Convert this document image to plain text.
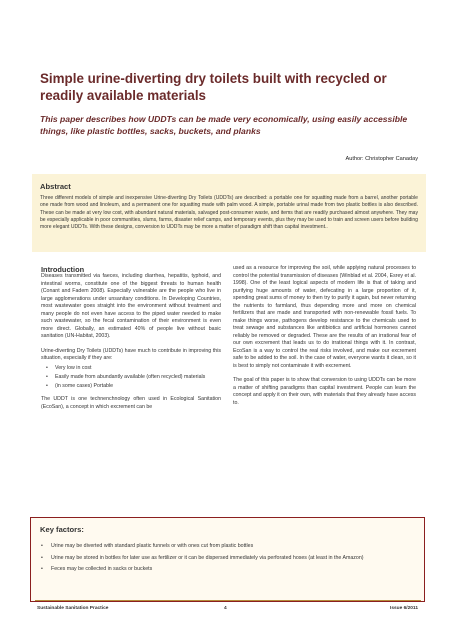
Simple urine-diverting dry toilets built with recycled or readily available materials
This paper describes how UDDTs can be made very economically, using easily accessible things, like plastic bottles, sacks, buckets, and planks
Author: Christopher Canaday
Abstract
Three different models of simple and inexpensive Urine-diverting Dry Toilets (UDDTs) are described: a portable one for squatting made from a barrel, another portable one made from wood and linoleum, and a permanent one for squatting made with palm wood. A simple, portable urinal made from two plastic bottles is also described. These can be made at very low cost, with abundant natural materials, salvaged post-consumer waste, and items that are readily purchased almost anywhere. They may be especially applicable in poor communities, slums, farms, disaster relief camps, and temporary events, plus they may be used to train and screen users before building more elegant UDDTs. With these designs, conversion to UDDTs may be more a matter of paradigm shift than capital investment..
Introduction

Diseases transmitted via faeces, including diarrhea, hepatitis, typhoid, and intestinal worms, constitute one of the biggest threats to human health (Conant and Fadem 2008). Especially vulnerable are the people who live in large agglomerations under unsanitary conditions. In Developing Countries, most wastewater goes straight into the environment without treatment and many people do not even have access to the piped water needed to make such wastewater, so the fecal contamination of their environment is even more direct. Globally, an estimated 40% of people live without basic sanitation (UN-Habitat, 2003).

Urine-diverting Dry Toilets (UDDTs) have much to contribute in improving this situation, especially if they are:

• Very low in cost
• Easily made from abundantly available (often recycled) materials
• (in some cases) Portable

The UDDT is one technenchnology often used in Ecological Sanitation (EcoSan), a concept in which excrement can be

used as a resource for improving the soil, while applying natural processes to control the potential transmission of diseases (Winblad et al. 2004, Esrey et al. 1998). One of the least logical aspects of modern life is that of taking and purifying huge amounts of water, defecating in a large proportion of it, spending great sums of money to then try to purify it again, but never returning the nutrients to farmland, thus depending more and more on chemical fertilizers that are made and transported with non-renewable fossil fuels. To make things worse, pathogens develop resistance to the chemicals used to treat sewage and substances like antibiotics and artificial hormones cannot reliably be removed or degraded. These are the results of an irrational fear of our own excrement that leads us to do irrational things with it. In contrast, EcoSan is a way to control the real risks involved, and make our excrement safe to be added to the soil. In the case of water, everyone wants it clean, so it is best to simply not contaminate it with excrement.

The goal of this paper is to show that conversion to using UDDTs can be more a matter of shifting paradigms than capital investment. People can learn the concept and apply it on their own, with materials that they already have access to.

Key factors:
• Urine may be diverted with standard plastic funnels or with ones cut from plastic bottles
• Urine may be stored in bottles for later use as fertilizer or it can be dispersed immediately via perforated hoses (at least in the Amazon)
• Feces may be collected in sacks or buckets
Sustainable Sanitation Practice	4	Issue 6/2011
